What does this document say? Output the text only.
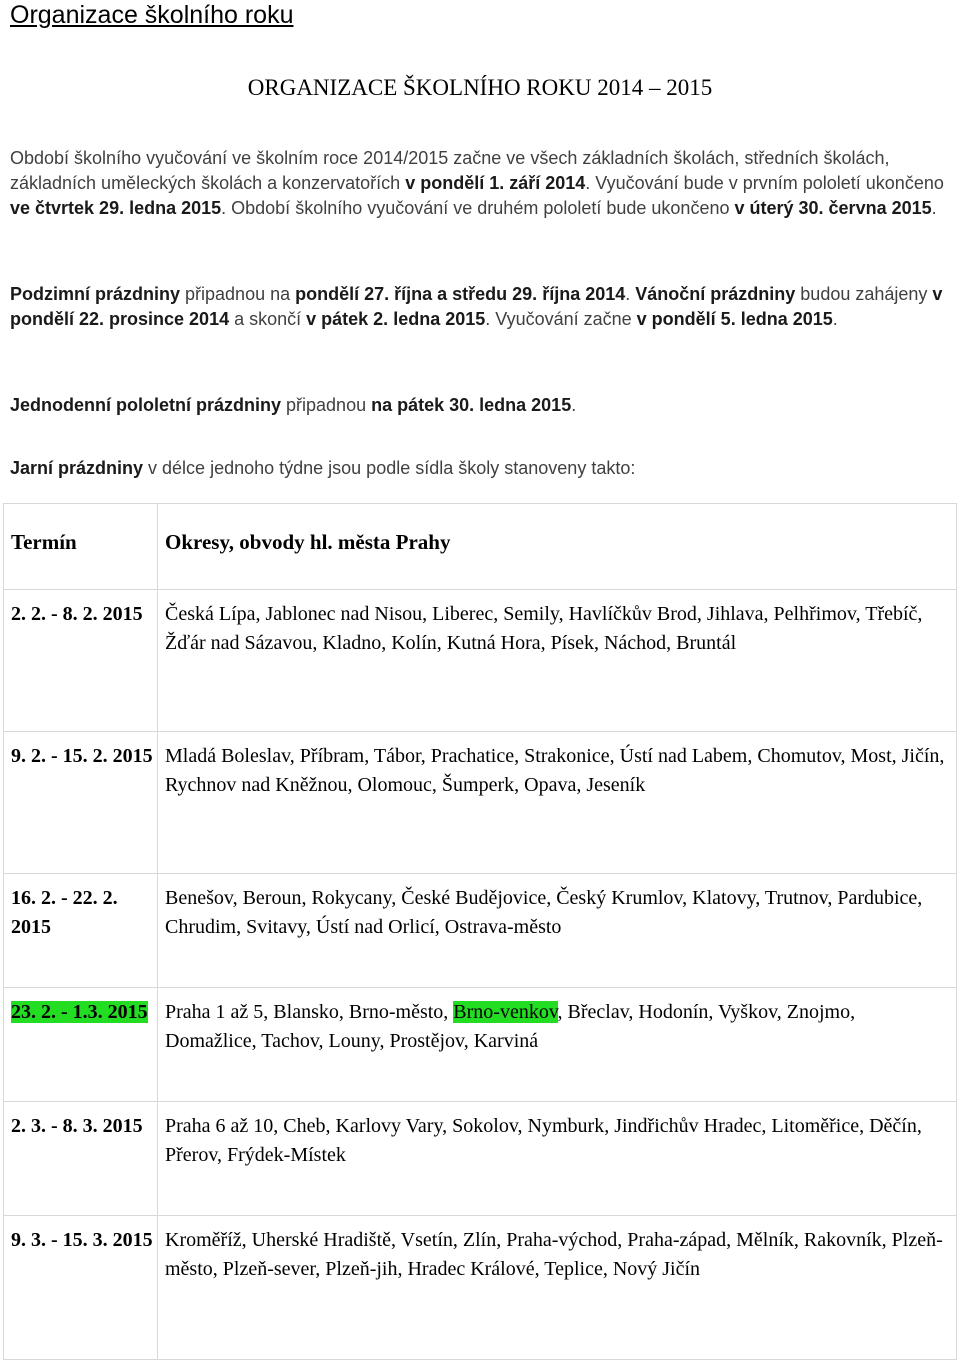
Organizace školního roku
ORGANIZACE ŠKOLNÍHO ROKU 2014 – 2015
Období školního vyučování ve školním roce 2014/2015 začne ve všech základních školách, středních školách, základních uměleckých školách a konzervatořích v pondělí 1. září 2014. Vyučování bude v prvním pololetí ukončeno ve čtvrtek 29. ledna 2015. Období školního vyučování ve druhém pololetí bude ukončeno v úterý 30. června 2015.
Podzimní prázdniny připadnou na pondělí 27. října a středu 29. října 2014. Vánoční prázdniny budou zahájeny v pondělí 22. prosince 2014 a skončí v pátek 2. ledna 2015. Vyučování začne v pondělí 5. ledna 2015.
Jednodenní pololetní prázdniny připadnou na pátek 30. ledna 2015.
Jarní prázdniny v délce jednoho týdne jsou podle sídla školy stanoveny takto:
Termín	Okresy, obvody hl. města Prahy
2. 2. - 8. 2. 2015	Česká Lípa, Jablonec nad Nisou, Liberec, Semily, Havlíčkův Brod, Jihlava, Pelhřimov, Třebíč, Žďár nad Sázavou, Kladno, Kolín, Kutná Hora, Písek, Náchod, Bruntál
9. 2. - 15. 2. 2015	Mladá Boleslav, Příbram, Tábor, Prachatice, Strakonice, Ústí nad Labem, Chomutov, Most, Jičín, Rychnov nad Kněžnou, Olomouc, Šumperk, Opava, Jeseník
16. 2. - 22. 2. 2015	Benešov, Beroun, Rokycany, České Budějovice, Český Krumlov, Klatovy, Trutnov, Pardubice, Chrudim, Svitavy, Ústí nad Orlicí, Ostrava-město
23. 2. - 1.3. 2015	Praha 1 až 5, Blansko, Brno-město, Brno-venkov, Břeclav, Hodonín, Vyškov, Znojmo, Domažlice, Tachov, Louny, Prostějov, Karviná
2. 3. - 8. 3. 2015	Praha 6 až 10, Cheb, Karlovy Vary, Sokolov, Nymburk, Jindřichův Hradec, Litoměřice, Děčín, Přerov, Frýdek-Místek
9. 3. - 15. 3. 2015	Kroměříž, Uherské Hradiště, Vsetín, Zlín, Praha-východ, Praha-západ, Mělník, Rakovník, Plzeň-město, Plzeň-sever, Plzeň-jih, Hradec Králové, Teplice, Nový Jičín
